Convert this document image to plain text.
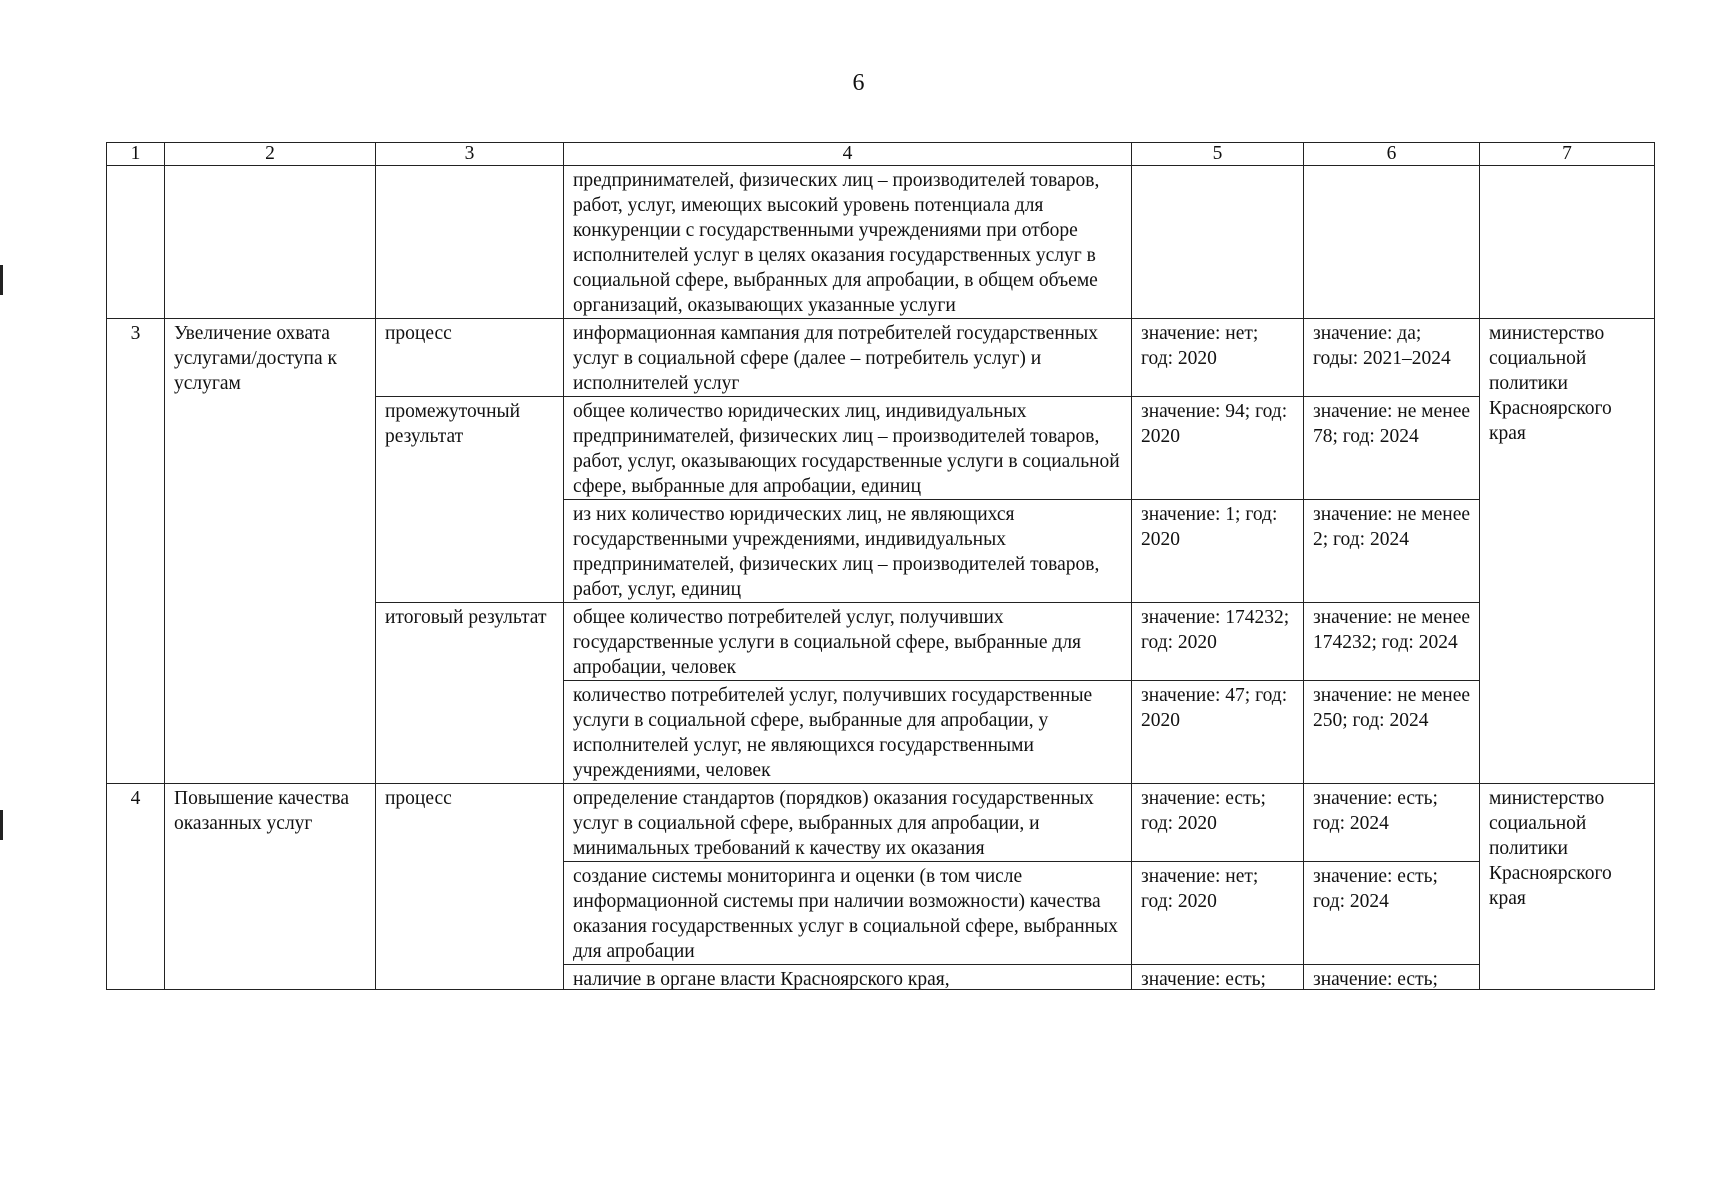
6
1	2	3	4	5	6	7
			предпринимателей, физических лиц – производителей товаров, работ, услуг, имеющих высокий уровень потенциала для конкуренции с государственными учреждениями при отборе исполнителей услуг в целях оказания государственных услуг в социальной сфере, выбранных для апробации, в общем объеме организаций, оказывающих указанные услуги			
3	Увеличение охвата услугами/доступа к услугам	процесс	информационная кампания для потребителей государственных услуг в социальной сфере (далее – потребитель услуг) и исполнителей услуг	значение: нет; год: 2020	значение: да; годы: 2021–2024	министерство социальной политики Красноярского края
		промежуточный результат	общее количество юридических лиц, индивидуальных предпринимателей, физических лиц – производителей товаров, работ, услуг, оказывающих государственные услуги в социальной сфере, выбранные для апробации, единиц	значение: 94; год: 2020	значение: не менее 78; год: 2024	
			из них количество юридических лиц, не являющихся государственными учреждениями, индивидуальных предпринимателей, физических лиц – производителей товаров, работ, услуг, единиц	значение: 1; год: 2020	значение: не менее 2; год: 2024	
		итоговый результат	общее количество потребителей услуг, получивших государственные услуги в социальной сфере, выбранные для апробации, человек	значение: 174232; год: 2020	значение: не менее 174232; год: 2024	
			количество потребителей услуг, получивших государственные услуги в социальной сфере, выбранные для апробации, у исполнителей услуг, не являющихся государственными учреждениями, человек	значение: 47; год: 2020	значение: не менее 250; год: 2024	
4	Повышение качества оказанных услуг	процесс	определение стандартов (порядков) оказания государственных услуг в социальной сфере, выбранных для апробации, и минимальных требований к качеству их оказания	значение: есть; год: 2020	значение: есть; год: 2024	министерство социальной политики Красноярского края
			создание системы мониторинга и оценки (в том числе информационной системы при наличии возможности) качества оказания государственных услуг в социальной сфере, выбранных для апробации	значение: нет; год: 2020	значение: есть; год: 2024	

			наличие в органе власти Красноярского края,	значение: есть;	значение: есть;	
